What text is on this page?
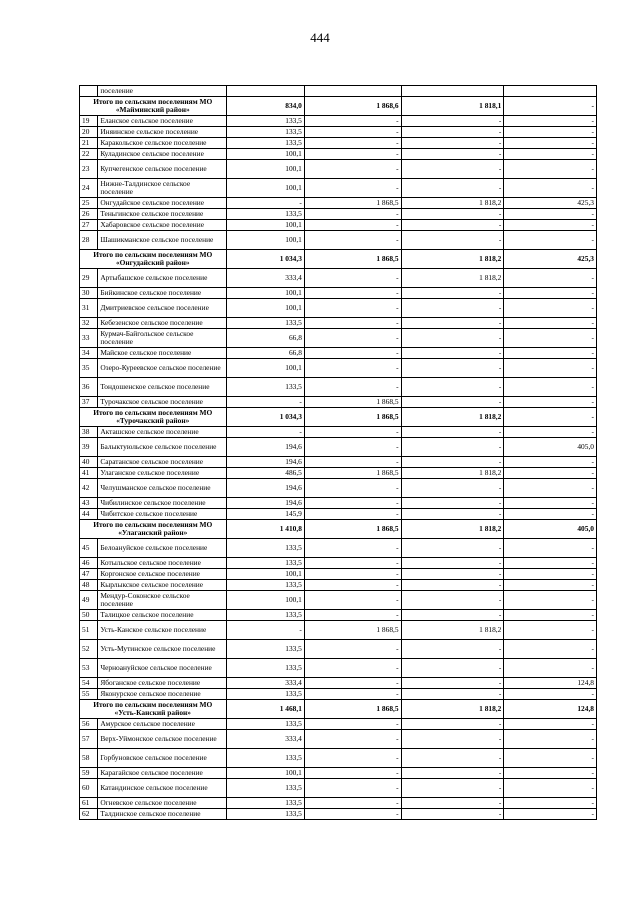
444
	поселение				
Итого по сельским поселениям МО «Майминский район»		834,0	1 868,6	1 818,1	-
19	Еланское сельское поселение	133,5	-	-	-
20	Иняинское сельское поселение	133,5	-	-	-
21	Каракольское сельское поселение	133,5	-	-	-
22	Куладинское сельское поселение	100,1	-	-	-
23	Купчегенское сельское поселение	100,1	-	-	-
24	Нижне-Талдинское сельское поселение	100,1	-	-	-
25	Онгудайское сельское поселение	-	1 868,5	1 818,2	425,3
26	Теньгинское сельское поселение	133,5	-	-	-
27	Хабаровское сельское поселение	100,1	-	-	-
28	Шашикманское сельское поселение	100,1	-	-	-
Итого по сельским поселениям МО «Онгудайский район»		1 034,3	1 868,5	1 818,2	425,3
29	Артыбашское сельское поселение	333,4	-	1 818,2	-
30	Бийкинское сельское поселение	100,1	-	-	-
31	Дмитриевское сельское поселение	100,1	-	-	-
32	Кебезенское сельское поселение	133,5	-	-	-
33	Курмач-Байгольское сельское поселение	66,8	-	-	-
34	Майское сельское поселение	66,8	-	-	-
35	Озеро-Куреевское сельское поселение	100,1	-	-	-
36	Тондошенское сельское поселение	133,5	-	-	-
37	Турочакское сельское поселение	-	1 868,5	-	-
Итого по сельским поселениям МО «Турочакский район»		1 034,3	1 868,5	1 818,2	-
38	Акташское сельское поселение	-	-	-	-
39	Балыктуюльское сельское поселение	194,6	-	-	405,0
40	Саратанское сельское поселение	194,6	-	-	-
41	Улаганское сельское поселение	486,5	1 868,5	1 818,2	-
42	Челушманское сельское поселение	194,6	-	-	-
43	Чибилинское сельское поселение	194,6	-	-	-
44	Чибитское сельское поселение	145,9	-	-	-
Итого по сельским поселениям МО «Улаганский район»		1 410,8	1 868,5	1 818,2	405,0
45	Белоануйское сельское поселение	133,5	-	-	-
46	Котыльское сельское поселение	133,5	-	-	-
47	Коргонское сельское поселение	100,1	-	-	-
48	Кырлыкское сельское поселение	133,5	-	-	-
49	Мендур-Соконское сельское поселение	100,1	-	-	-
50	Талицкое сельское поселение	133,5	-	-	-
51	Усть-Канское сельское поселение	-	1 868,5	1 818,2	-
52	Усть-Мутинское сельское поселение	133,5	-	-	-
53	Черноануйское сельское поселение	133,5	-	-	-
54	Ябоганское сельское поселение	333,4	-	-	124,8
55	Яконурское сельское поселение	133,5	-	-	-
Итого по сельским поселениям МО «Усть-Канский район»		1 468,1	1 868,5	1 818,2	124,8
56	Амурское сельское поселение	133,5	-	-	-
57	Верх-Уймонское сельское поселение	333,4	-	-	-
58	Горбуновское сельское поселение	133,5	-	-	-
59	Карагайское сельское поселение	100,1	-	-	-
60	Катандинское сельское поселение	133,5	-	-	-
61	Огневское сельское поселение	133,5	-	-	-
62	Талдинское сельское поселение	133,5	-	-	-
